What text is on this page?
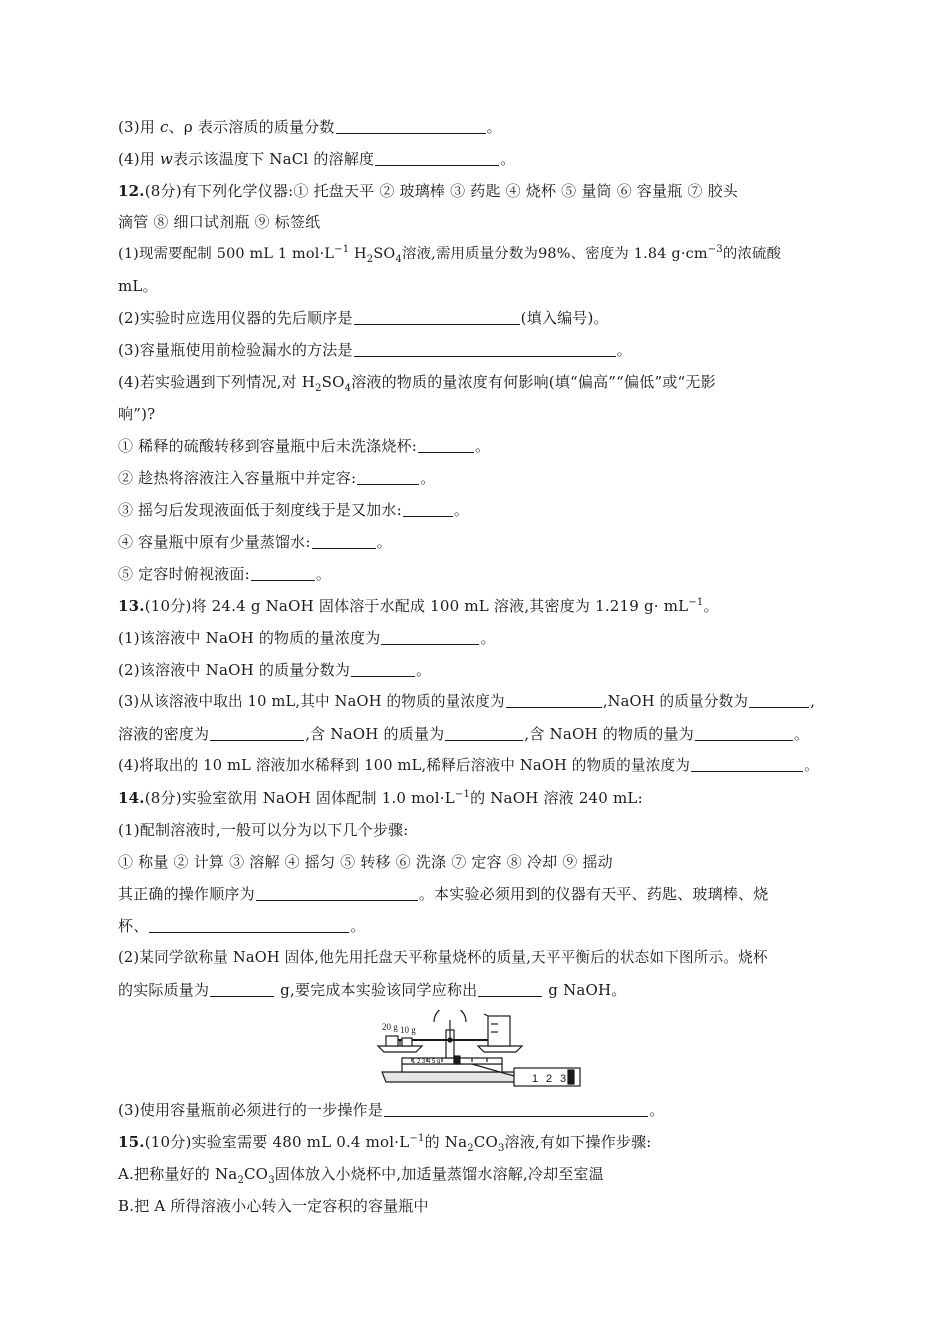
(3)用 c、ρ 表示溶质的质量分数	。
(4)用 w表示该温度下 NaCl 的溶解度	。
12.(8分)有下列化学仪器:① 托盘天平 ② 玻璃棒 ③ 药匙 ④ 烧杯 ⑤ 量筒 ⑥ 容量瓶 ⑦ 胶头
滴管 ⑧ 细口试剂瓶 ⑨ 标签纸
(1)现需要配制 500 mL 1 $mol\cdot L^{-1}$ $H_2SO_4$溶液,需用质量分数为98%、密度为 1.84 $g\cdot cm^{-3}$的浓硫酸
mL。
(2)实验时应选用仪器的先后顺序是	(填入编号)。
(3)容量瓶使用前检验漏水的方法是	。
(4)若实验遇到下列情况,对 $H_2SO_4$溶液的物质的量浓度有何影响(填“偏高”“偏低”或“无影
响”)?
① 稀释的硫酸转移到容量瓶中后未洗涤烧杯:	。
② 趁热将溶液注入容量瓶中并定容:	。
③ 摇匀后发现液面低于刻度线于是又加水:	。
④ 容量瓶中原有少量蒸馏水:	。
⑤ 定容时俯视液面:	。
13.(10分)将 24.4 g NaOH 固体溶于水配成 100 mL 溶液,其密度为 1.219 $g\cdot mL^{-1}$。
(1)该溶液中 NaOH 的物质的量浓度为	。
(2)该溶液中 NaOH 的质量分数为	。
(3)从该溶液中取出 10 mL,其中 NaOH 的物质的量浓度为	,NaOH 的质量分数为	,
溶液的密度为	,含 NaOH 的质量为	,含 NaOH 的物质的量为	。
(4)将取出的 10 mL 溶液加水稀释到 100 mL,稀释后溶液中 NaOH 的物质的量浓度为	。
14.(8分)实验室欲用 NaOH 固体配制 1.0 $mol\cdot L^{-1}$的 NaOH 溶液 240 mL:
(1)配制溶液时,一般可以分为以下几个步骤:
① 称量 ② 计算 ③ 溶解 ④ 摇匀 ⑤ 转移 ⑥ 洗涤 ⑦ 定容 ⑧ 冷却 ⑨ 摇动
其正确的操作顺序为	。本实验必须用到的仪器有天平、药匙、玻璃棒、烧
杯、	。
(2)某同学欲称量 NaOH 固体,他先用托盘天平称量烧杯的质量,天平平衡后的状态如下图所示。烧杯
的实际质量为	g,要完成本实验该同学应称出	g NaOH。
20 g 10 g
1 2 3 4 5 g
1 2 3
(3)使用容量瓶前必须进行的一步操作是	。
15.(10分)实验室需要 480 mL 0.4 $mol\cdot L^{-1}$的 $Na_2CO_3$溶液,有如下操作步骤:
A.把称量好的 $Na_2CO_3$固体放入小烧杯中,加适量蒸馏水溶解,冷却至室温
B.把 A 所得溶液小心转入一定容积的容量瓶中
